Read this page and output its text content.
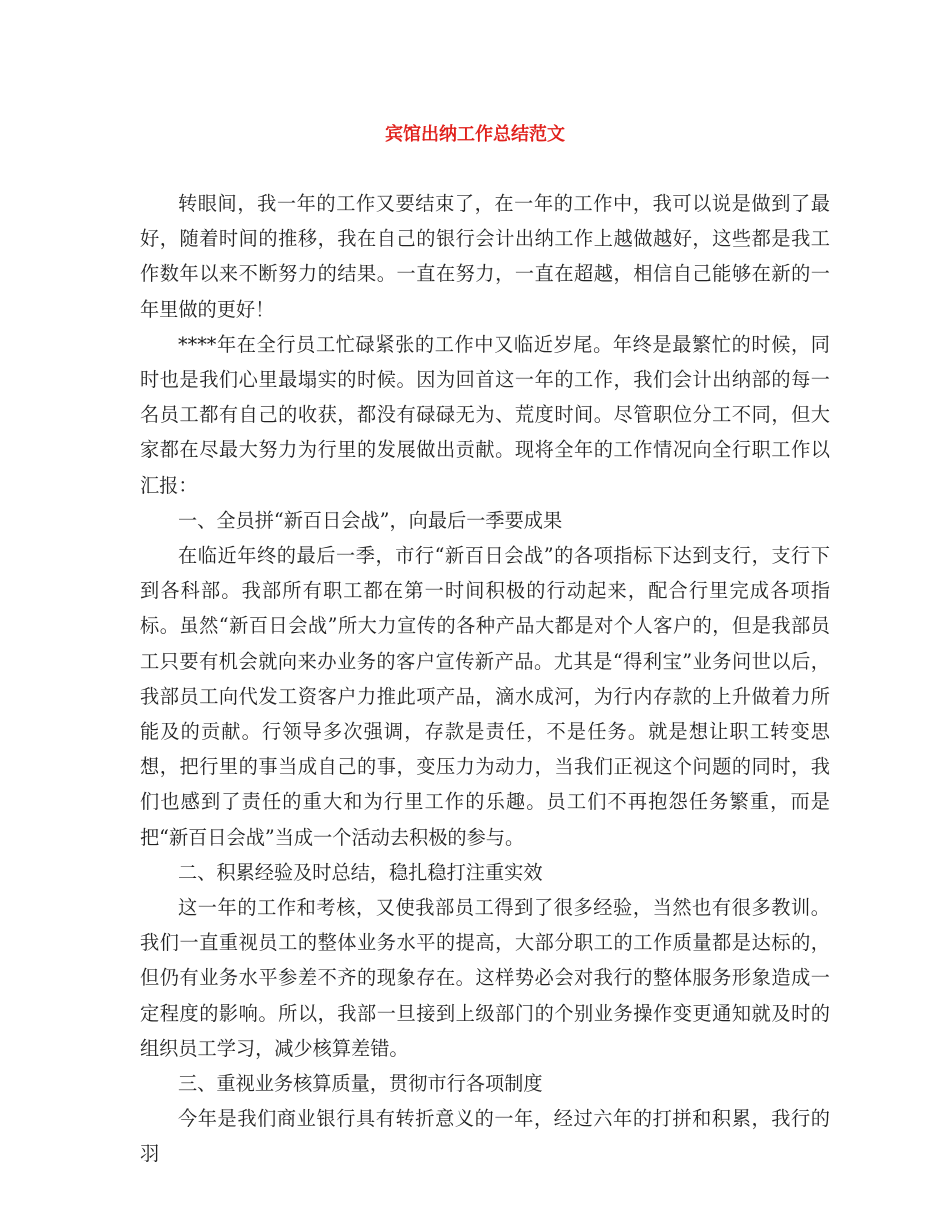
宾馆出纳工作总结范文

转眼间，我一年的工作又要结束了，在一年的工作中，我可以说是做到了最好，随着时间的推移，我在自己的银行会计出纳工作上越做越好，这些都是我工作数年以来不断努力的结果。一直在努力，一直在超越，相信自己能够在新的一年里做的更好！

****年在全行员工忙碌紧张的工作中又临近岁尾。年终是最繁忙的时候，同时也是我们心里最塌实的时候。因为回首这一年的工作，我们会计出纳部的每一名员工都有自己的收获，都没有碌碌无为、荒度时间。尽管职位分工不同，但大家都在尽最大努力为行里的发展做出贡献。现将全年的工作情况向全行职工作以汇报：

一、全员拼“新百日会战”，向最后一季要成果

在临近年终的最后一季，市行“新百日会战”的各项指标下达到支行，支行下到各科部。我部所有职工都在第一时间积极的行动起来，配合行里完成各项指标。虽然“新百日会战”所大力宣传的各种产品大都是对个人客户的，但是我部员工只要有机会就向来办业务的客户宣传新产品。尤其是“得利宝”业务问世以后，我部员工向代发工资客户力推此项产品，滴水成河，为行内存款的上升做着力所能及的贡献。行领导多次强调，存款是责任，不是任务。就是想让职工转变思想，把行里的事当成自己的事，变压力为动力，当我们正视这个问题的同时，我们也感到了责任的重大和为行里工作的乐趣。员工们不再抱怨任务繁重，而是把“新百日会战”当成一个活动去积极的参与。

二、积累经验及时总结，稳扎稳打注重实效

这一年的工作和考核，又使我部员工得到了很多经验，当然也有很多教训。我们一直重视员工的整体业务水平的提高，大部分职工的工作质量都是达标的，但仍有业务水平参差不齐的现象存在。这样势必会对我行的整体服务形象造成一定程度的影响。所以，我部一旦接到上级部门的个别业务操作变更通知就及时的组织员工学习，减少核算差错。

三、重视业务核算质量，贯彻市行各项制度

今年是我们商业银行具有转折意义的一年，经过六年的打拼和积累，我行的羽
